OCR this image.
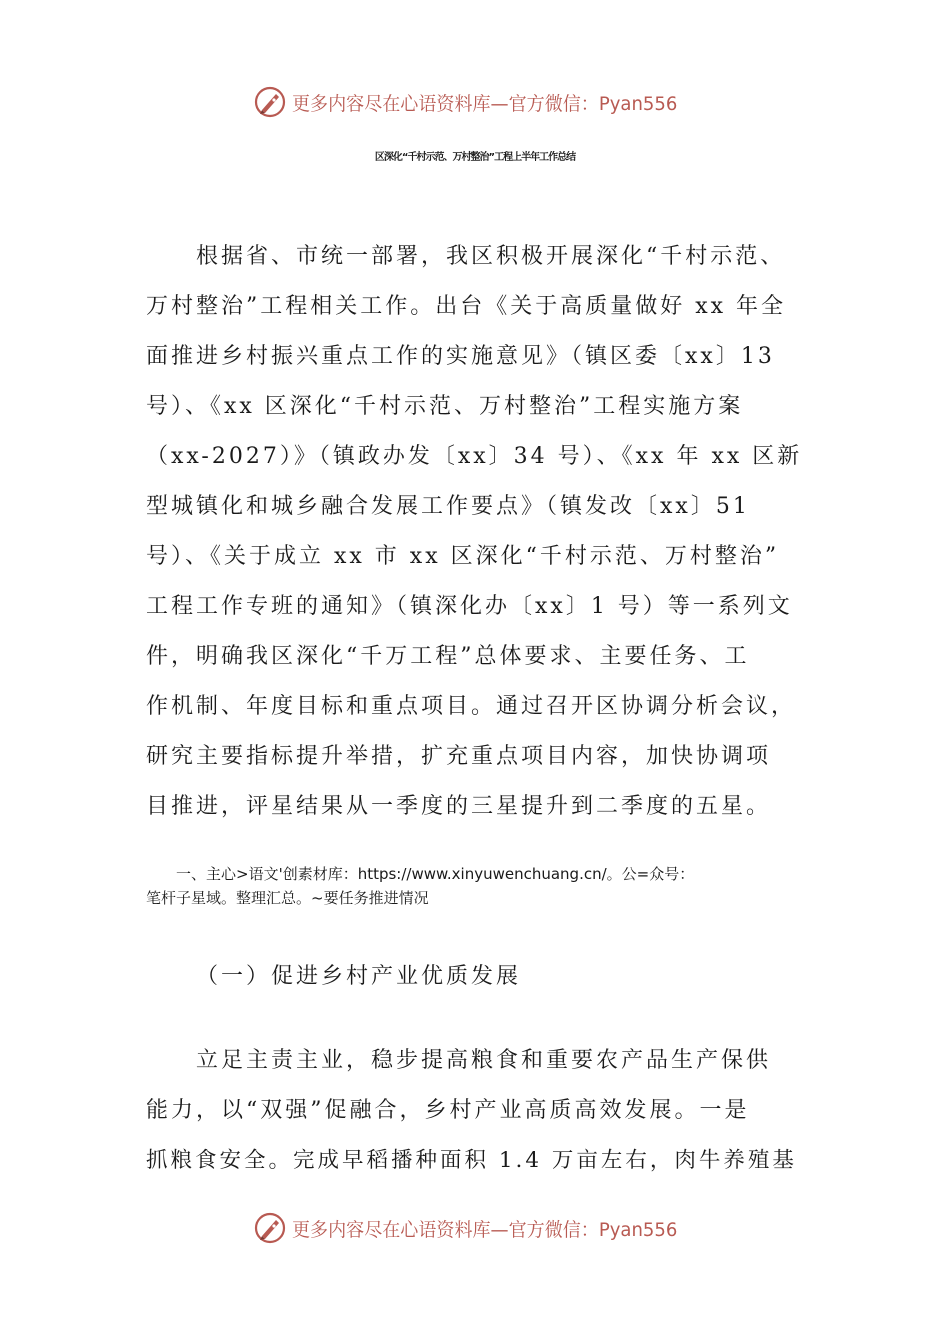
更多内容尽在心语资料库—官方微信：Pyan556
区深化“千村示范、万村整治”工程上半年工作总结
　　根据省、市统一部署，我区积极开展深化“千村示范、
万村整治”工程相关工作。出台《关于高质量做好 xx 年全
面推进乡村振兴重点工作的实施意见》（镇区委〔xx〕13
号）、《xx 区深化“千村示范、万村整治”工程实施方案
（xx-2027）》（镇政办发〔xx〕34 号）、《xx 年 xx 区新
型城镇化和城乡融合发展工作要点》（镇发改〔xx〕51
号）、《关于成立 xx 市 xx 区深化“千村示范、万村整治”
工程工作专班的通知》（镇深化办〔xx〕1 号）等一系列文
件，明确我区深化“千万工程”总体要求、主要任务、工
作机制、年度目标和重点项目。通过召开区协调分析会议，
研究主要指标提升举措，扩充重点项目内容，加快协调项
目推进，评星结果从一季度的三星提升到二季度的五星。
一、主心>语文'创素材库：https://www.xinyuwenchuang.cn/。公=众号：
笔杆子星域。整理汇总。~要任务推进情况
（一）促进乡村产业优质发展
　　立足主责主业，稳步提高粮食和重要农产品生产保供
能力，以“双强”促融合，乡村产业高质高效发展。一是
抓粮食安全。完成早稻播种面积 1.4 万亩左右，肉牛养殖基
更多内容尽在心语资料库—官方微信：Pyan556
